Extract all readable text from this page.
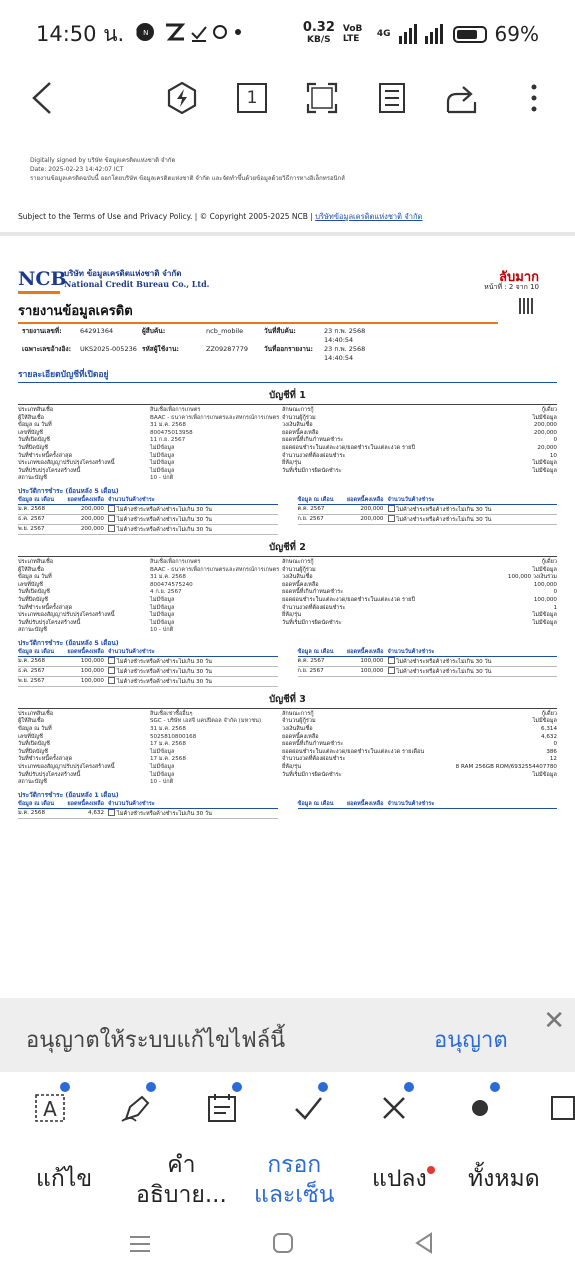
14:50 น. LINE	0.32
KB/S
VoB LTE	4G	69%
1
Digitally signed by บริษัท ข้อมูลเครดิตแห่งชาติ จำกัด
Date: 2025-02-23 14:42:07 ICT
รายงานข้อมูลเครดิตฉบับนี้ ออกโดยบริษัท ข้อมูลเครดิตแห่งชาติ จำกัด และจัดทำขึ้นด้วยข้อมูลด้วยวิธีการทางอิเล็กทรอนิกส์
Subject to the Terms of Use and Privacy Policy. | © Copyright 2005-2025 NCB | บริษัทข้อมูลเครดิตแห่งชาติ จำกัด
NCB
บริษัท ข้อมูลเครดิตแห่งชาติ จำกัด
National Credit Bureau Co., Ltd.	ลับมาก
หน้าที่ : 2 จาก 10
รายงานข้อมูลเครดิต
รายงานเลขที่:	64291364	ผู้สืบค้น:	ncb_mobile	วันที่สืบค้น:	23 ก.พ. 2568 14:40:54
เฉพาะเลขอ้างอิง:	UKS2025-005236 รหัสผู้ใช้งาน:	ZZ09287779	วันที่ออกรายงาน:	23 ก.พ. 2568 14:40:54
รายละเอียดบัญชีที่เปิดอยู่
บัญชีที่ 1
ประเภทสินเชื่อ	สินเชื่อเพื่อการเกษตร	ลักษณะการกู้	กู้เดี่ยว
ผู้ให้สินเชื่อ	BAAC - ธนาคารเพื่อการเกษตรและสหกรณ์การเกษตร จำนวนผู้กู้ร่วม	ไม่มีข้อมูล
ข้อมูล ณ วันที่	31 ม.ค. 2568	วงเงินสินเชื่อ	200,000
เลขที่บัญชี	800475013958	ยอดหนี้คงเหลือ	200,000
วันที่เปิดบัญชี	11 ก.ย. 2567	ยอดหนี้ที่เกินกำหนดชำระ	0
วันที่ปิดบัญชี	ไม่มีข้อมูล	ยอดผ่อนชำระในแต่ละงวด/ยอดชำระในแต่ละงวด รายปี	20,000
วันที่ชำระหนี้ครั้งล่าสุด	ไม่มีข้อมูล	จำนวนงวดที่ต้องผ่อนชำระ	10
ประเภทของสัญญาปรับปรุงโครงสร้างหนี้	ไม่มีข้อมูล	ยี่ห้อ/รุ่น	ไม่มีข้อมูล
วันที่ปรับปรุงโครงสร้างหนี้	ไม่มีข้อมูล	วันที่เริ่มมีการผิดนัดชำระ	ไม่มีข้อมูล
สถานะบัญชี	10 - ปกติ
ประวัติการชำระ (ย้อนหลัง 5 เดือน)
ข้อมูล ณ เดือน	ยอดหนี้คงเหลือ จำนวนวันค้างชำระ
ม.ค. 2568	200,000	ไม่ค้างชำระหรือค้างชำระไม่เกิน 30 วัน
ธ.ค. 2567	200,000	ไม่ค้างชำระหรือค้างชำระไม่เกิน 30 วัน
พ.ย. 2567	200,000	ไม่ค้างชำระหรือค้างชำระไม่เกิน 30 วัน
ข้อมูล ณ เดือน	ยอดหนี้คงเหลือ จำนวนวันค้างชำระ
ต.ค. 2567	200,000	ไม่ค้างชำระหรือค้างชำระไม่เกิน 30 วัน
ก.ย. 2567	200,000	ไม่ค้างชำระหรือค้างชำระไม่เกิน 30 วัน
บัญชีที่ 2
ประเภทสินเชื่อ	สินเชื่อเพื่อการเกษตร	ลักษณะการกู้	กู้เดี่ยว
ผู้ให้สินเชื่อ	BAAC - ธนาคารเพื่อการเกษตรและสหกรณ์การเกษตร จำนวนผู้กู้ร่วม	ไม่มีข้อมูล
ข้อมูล ณ วันที่	31 ม.ค. 2568	วงเงินสินเชื่อ	100,000 วงเงินร่วม
เลขที่บัญชี	800474575240	ยอดหนี้คงเหลือ	100,000
วันที่เปิดบัญชี	4 ก.ย. 2567	ยอดหนี้ที่เกินกำหนดชำระ	0
วันที่ปิดบัญชี	ไม่มีข้อมูล	ยอดผ่อนชำระในแต่ละงวด/ยอดชำระในแต่ละงวด รายปี	100,000
วันที่ชำระหนี้ครั้งล่าสุด	ไม่มีข้อมูล	จำนวนงวดที่ต้องผ่อนชำระ	1
ประเภทของสัญญาปรับปรุงโครงสร้างหนี้	ไม่มีข้อมูล	ยี่ห้อ/รุ่น	ไม่มีข้อมูล
วันที่ปรับปรุงโครงสร้างหนี้	ไม่มีข้อมูล	วันที่เริ่มมีการผิดนัดชำระ	ไม่มีข้อมูล
สถานะบัญชี	10 - ปกติ
ประวัติการชำระ (ย้อนหลัง 5 เดือน)
ข้อมูล ณ เดือน	ยอดหนี้คงเหลือ จำนวนวันค้างชำระ
ม.ค. 2568	100,000	ไม่ค้างชำระหรือค้างชำระไม่เกิน 30 วัน
ธ.ค. 2567	100,000	ไม่ค้างชำระหรือค้างชำระไม่เกิน 30 วัน
พ.ย. 2567	100,000	ไม่ค้างชำระหรือค้างชำระไม่เกิน 30 วัน
ข้อมูล ณ เดือน	ยอดหนี้คงเหลือ จำนวนวันค้างชำระ
ต.ค. 2567	100,000	ไม่ค้างชำระหรือค้างชำระไม่เกิน 30 วัน
ก.ย. 2567	100,000	ไม่ค้างชำระหรือค้างชำระไม่เกิน 30 วัน
บัญชีที่ 3
ประเภทสินเชื่อ	สินเชื่อเช่าซื้ออื่นๆ	ลักษณะการกู้	กู้เดี่ยว
ผู้ให้สินเชื่อ	SGC - บริษัท เอสจี แคปปิตอล จำกัด (มหาชน)	จำนวนผู้กู้ร่วม	ไม่มีข้อมูล
ข้อมูล ณ วันที่	31 ม.ค. 2568	วงเงินสินเชื่อ	6,314
เลขที่บัญชี	5025810800168	ยอดหนี้คงเหลือ	4,632
วันที่เปิดบัญชี	17 ม.ค. 2568	ยอดหนี้ที่เกินกำหนดชำระ	0
วันที่ปิดบัญชี	ไม่มีข้อมูล	ยอดผ่อนชำระในแต่ละงวด/ยอดชำระในแต่ละงวด รายเดือน	386
วันที่ชำระหนี้ครั้งล่าสุด	17 ม.ค. 2568	จำนวนงวดที่ต้องผ่อนชำระ	12
ประเภทของสัญญาปรับปรุงโครงสร้างหนี้	ไม่มีข้อมูล	ยี่ห้อ/รุ่น	8 RAM 256GB ROM/6932554407780
วันที่ปรับปรุงโครงสร้างหนี้	ไม่มีข้อมูล	วันที่เริ่มมีการผิดนัดชำระ	ไม่มีข้อมูล
สถานะบัญชี	10 - ปกติ
ประวัติการชำระ (ย้อนหลัง 1 เดือน)
ข้อมูล ณ เดือน	ยอดหนี้คงเหลือ จำนวนวันค้างชำระ
ม.ค. 2568	4,632	ไม่ค้างชำระหรือค้างชำระไม่เกิน 30 วัน
ข้อมูล ณ เดือน	ยอดหนี้คงเหลือ จำนวนวันค้างชำระ
อนุญาตให้ระบบแก้ไขไฟล์นี้	อนุญาต
✕
A
แก้ไข
คำ
อธิบาย...
กรอก
และเซ็น
แปลง ทั้งหมด
